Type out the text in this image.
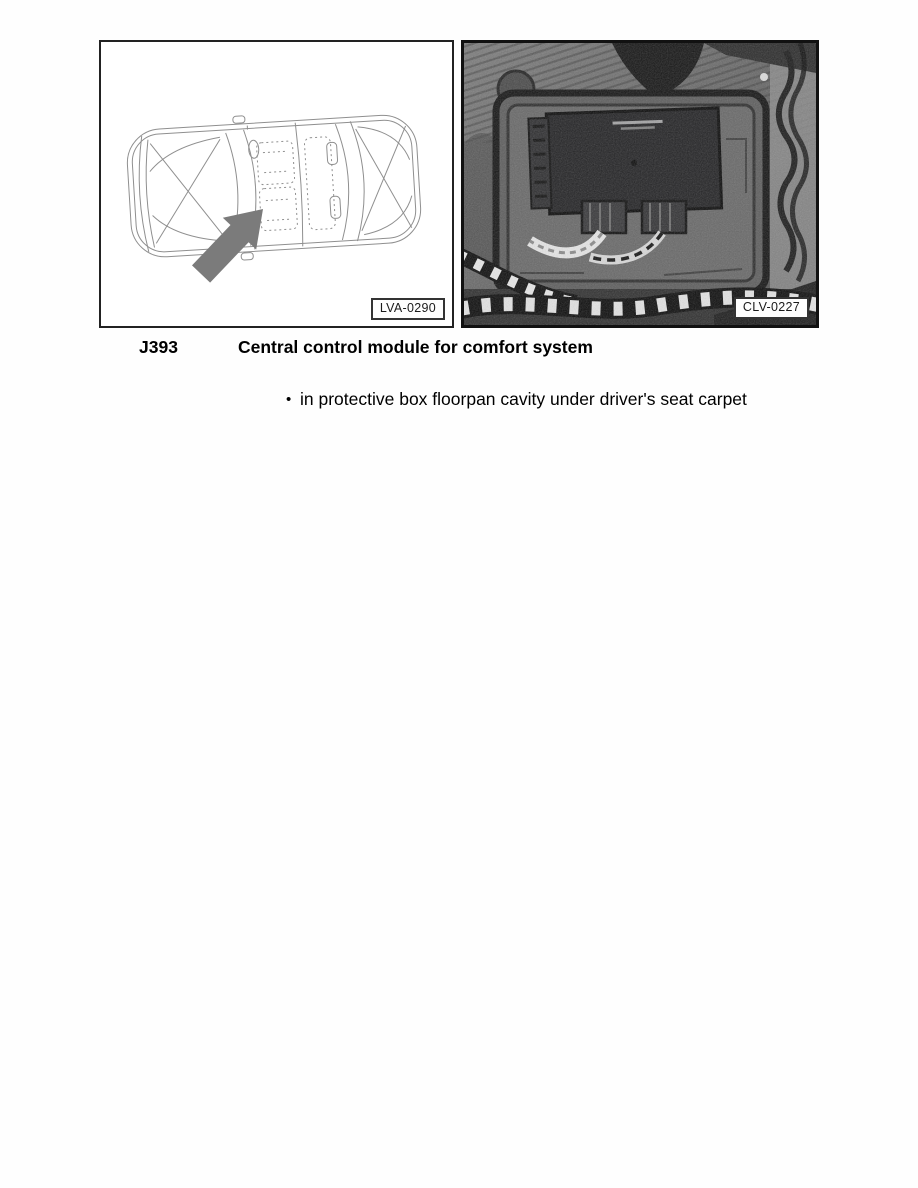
LVA-0290	CLV-0227
J393	Central control module for comfort system
• in protective box floorpan cavity under driver's seat carpet
